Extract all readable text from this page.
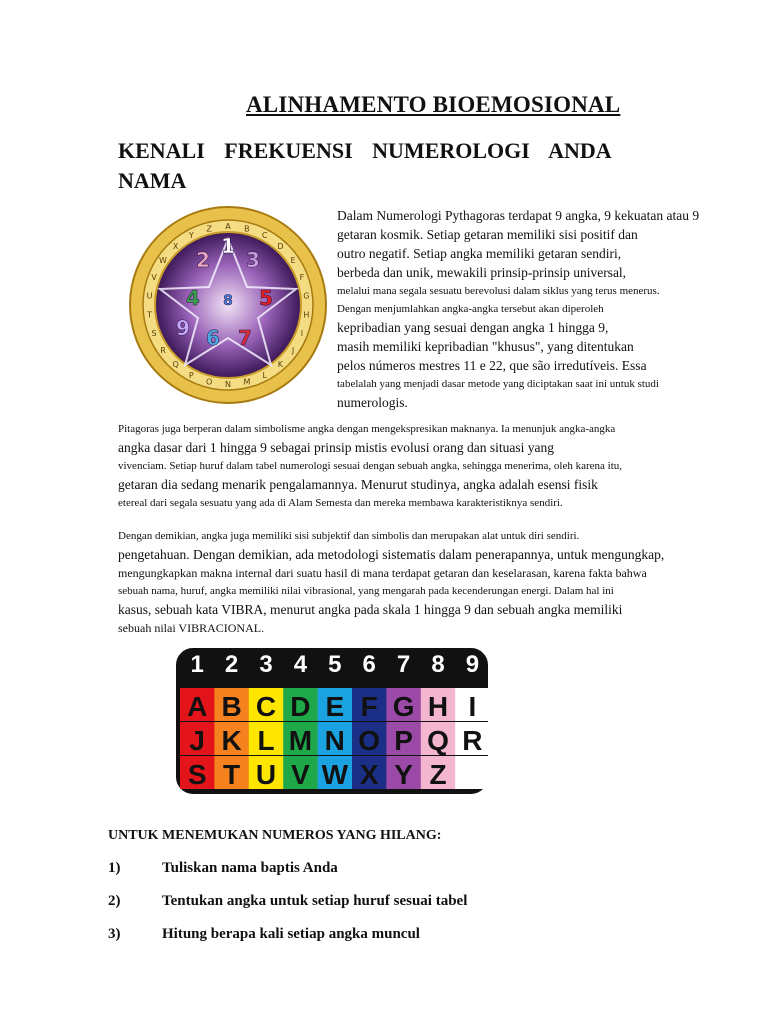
ALINHAMENTO BIOEMOSIONAL
KENALI FREKUENSI NUMEROLOGI ANDA
NAMA
A B
C
D
E
F
G
H
I
J
K
L
M
N
O
P
Q
R
S
T
U
V
W
X
Y
Z
1
2 3
4	5
6 7
8
9
Dalam Numerologi Pythagoras terdapat 9 angka, 9 kekuatan atau 9
getaran kosmik. Setiap getaran memiliki sisi positif dan
outro negatif. Setiap angka memiliki getaran sendiri,
berbeda dan unik, mewakili prinsip-prinsip universal,
melalui mana segala sesuatu berevolusi dalam siklus yang terus menerus.
Dengan menjumlahkan angka-angka tersebut akan diperoleh
kepribadian yang sesuai dengan angka 1 hingga 9,
masih memiliki kepribadian "khusus", yang ditentukan
pelos números mestres 11 e 22, que são irredutíveis. Essa
tabelalah yang menjadi dasar metode yang diciptakan saat ini untuk studi
numerologis.
Pitagoras juga berperan dalam simbolisme angka dengan mengekspresikan maknanya. Ia menunjuk angka-angka
angka dasar dari 1 hingga 9 sebagai prinsip mistis evolusi orang dan situasi yang
vivenciam. Setiap huruf dalam tabel numerologi sesuai dengan sebuah angka, sehingga menerima, oleh karena itu,
getaran dia sedang menarik pengalamannya. Menurut studinya, angka adalah esensi fisik
etereal dari segala sesuatu yang ada di Alam Semesta dan mereka membawa karakteristiknya sendiri.
Dengan demikian, angka juga memiliki sisi subjektif dan simbolis dan merupakan alat untuk diri sendiri.
pengetahuan. Dengan demikian, ada metodologi sistematis dalam penerapannya, untuk mengungkap,
mengungkapkan makna internal dari suatu hasil di mana terdapat getaran dan keselarasan, karena fakta bahwa
sebuah nama, huruf, angka memiliki nilai vibrasional, yang mengarah pada kecenderungan energi. Dalam hal ini
kasus, sebuah kata VIBRA, menurut angka pada skala 1 hingga 9 dan sebuah angka memiliki
sebuah nilai VIBRACIONAL.
1 2 3 4 5 6 7 8 9
A B C D E F G H I
J K L M N O P Q R
S T U V W X Y Z
UNTUK MENEMUKAN NUMEROS YANG HILANG:
1)	Tuliskan nama baptis Anda
2)	Tentukan angka untuk setiap huruf sesuai tabel
3)	Hitung berapa kali setiap angka muncul
